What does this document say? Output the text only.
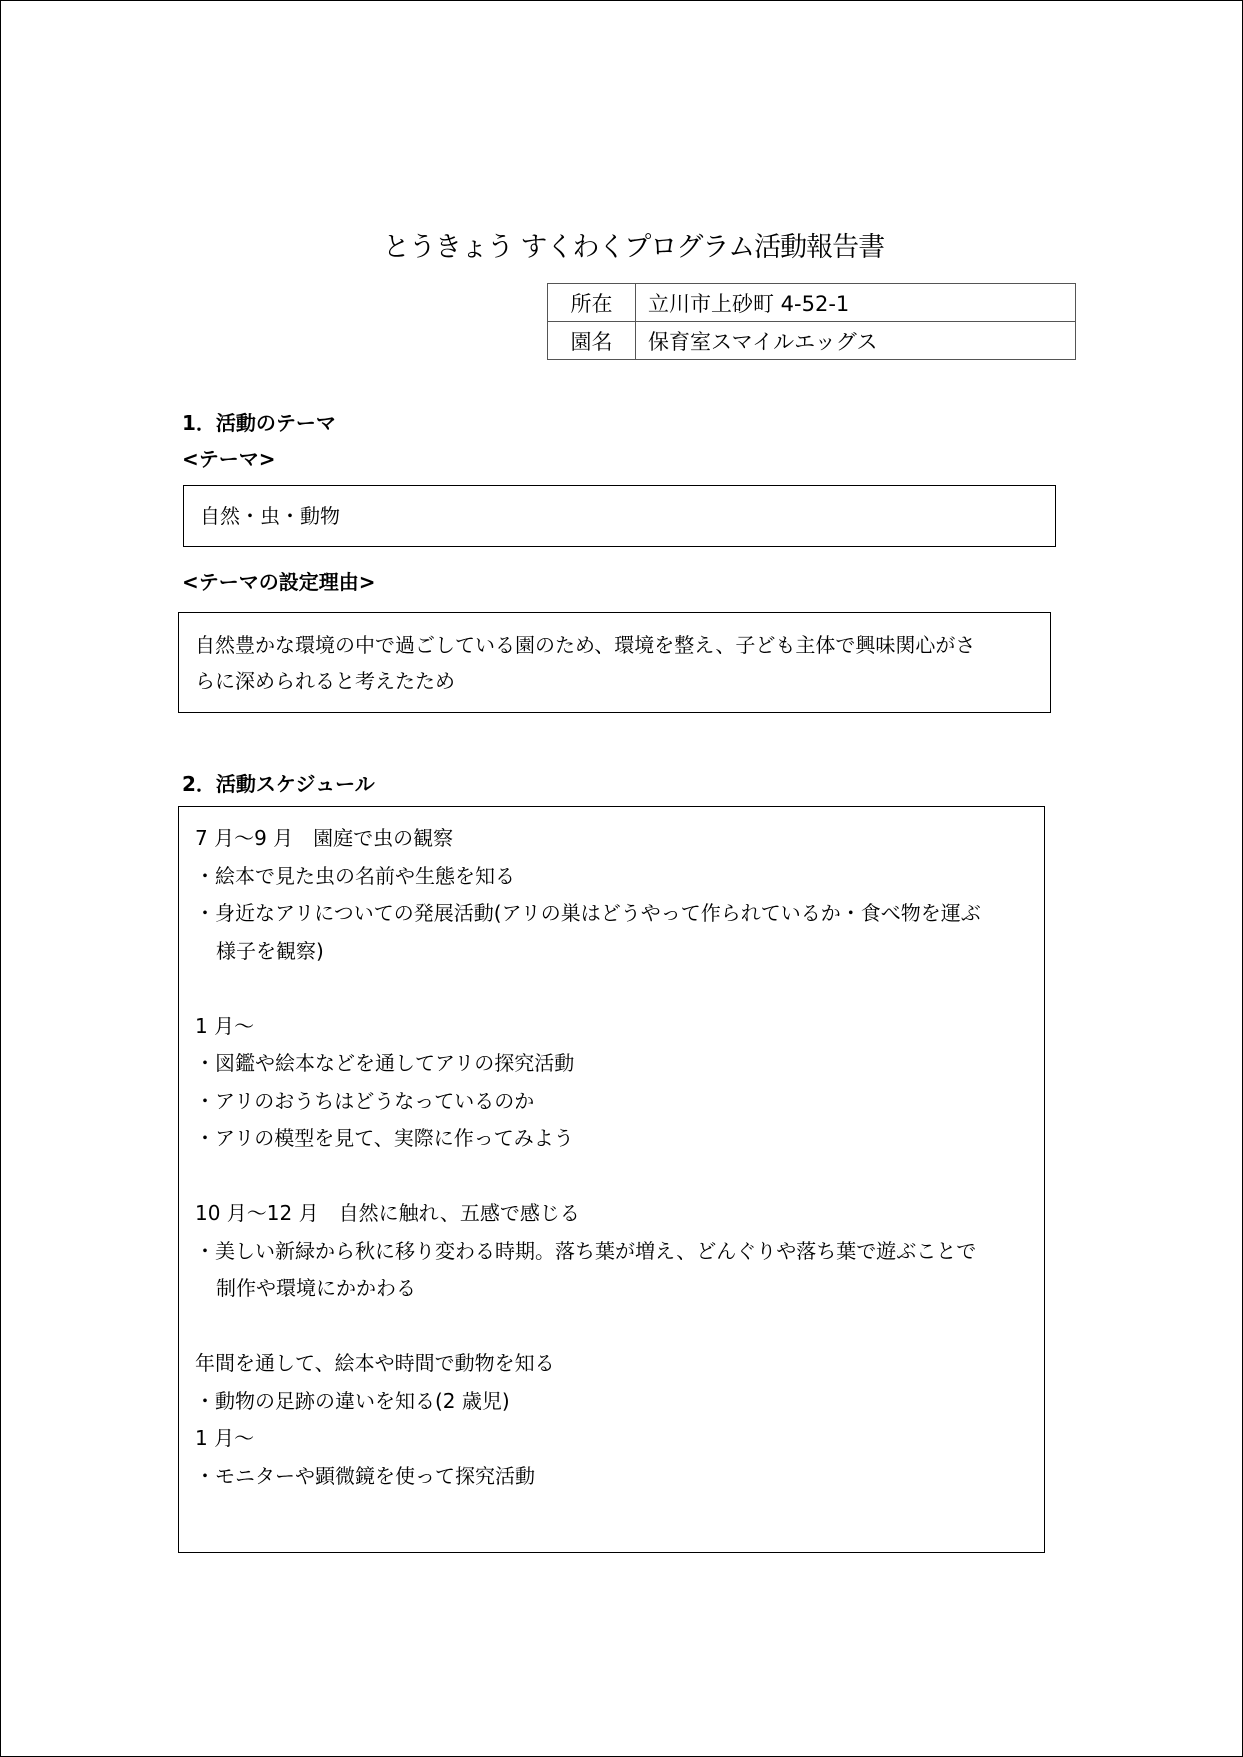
とうきょう すくわくプログラム活動報告書
所在	立川市上砂町 4-52-1
園名	保育室スマイルエッグス
1．活動のテーマ
<テーマ>
自然・虫・動物
<テーマの設定理由>
自然豊かな環境の中で過ごしている園のため、環境を整え、子ども主体で興味関心がさ
らに深められると考えたため
2．活動スケジュール
7 月～9 月　園庭で虫の観察
・絵本で見た虫の名前や生態を知る
・身近なアリについての発展活動(アリの巣はどうやって作られているか・食べ物を運ぶ
様子を観察)
1 月～
・図鑑や絵本などを通してアリの探究活動
・アリのおうちはどうなっているのか
・アリの模型を見て、実際に作ってみよう
10 月～12 月　自然に触れ、五感で感じる
・美しい新緑から秋に移り変わる時期。落ち葉が増え、どんぐりや落ち葉で遊ぶことで
制作や環境にかかわる
年間を通して、絵本や時間で動物を知る
・動物の足跡の違いを知る(2 歳児)
1 月～
・モニターや顕微鏡を使って探究活動
